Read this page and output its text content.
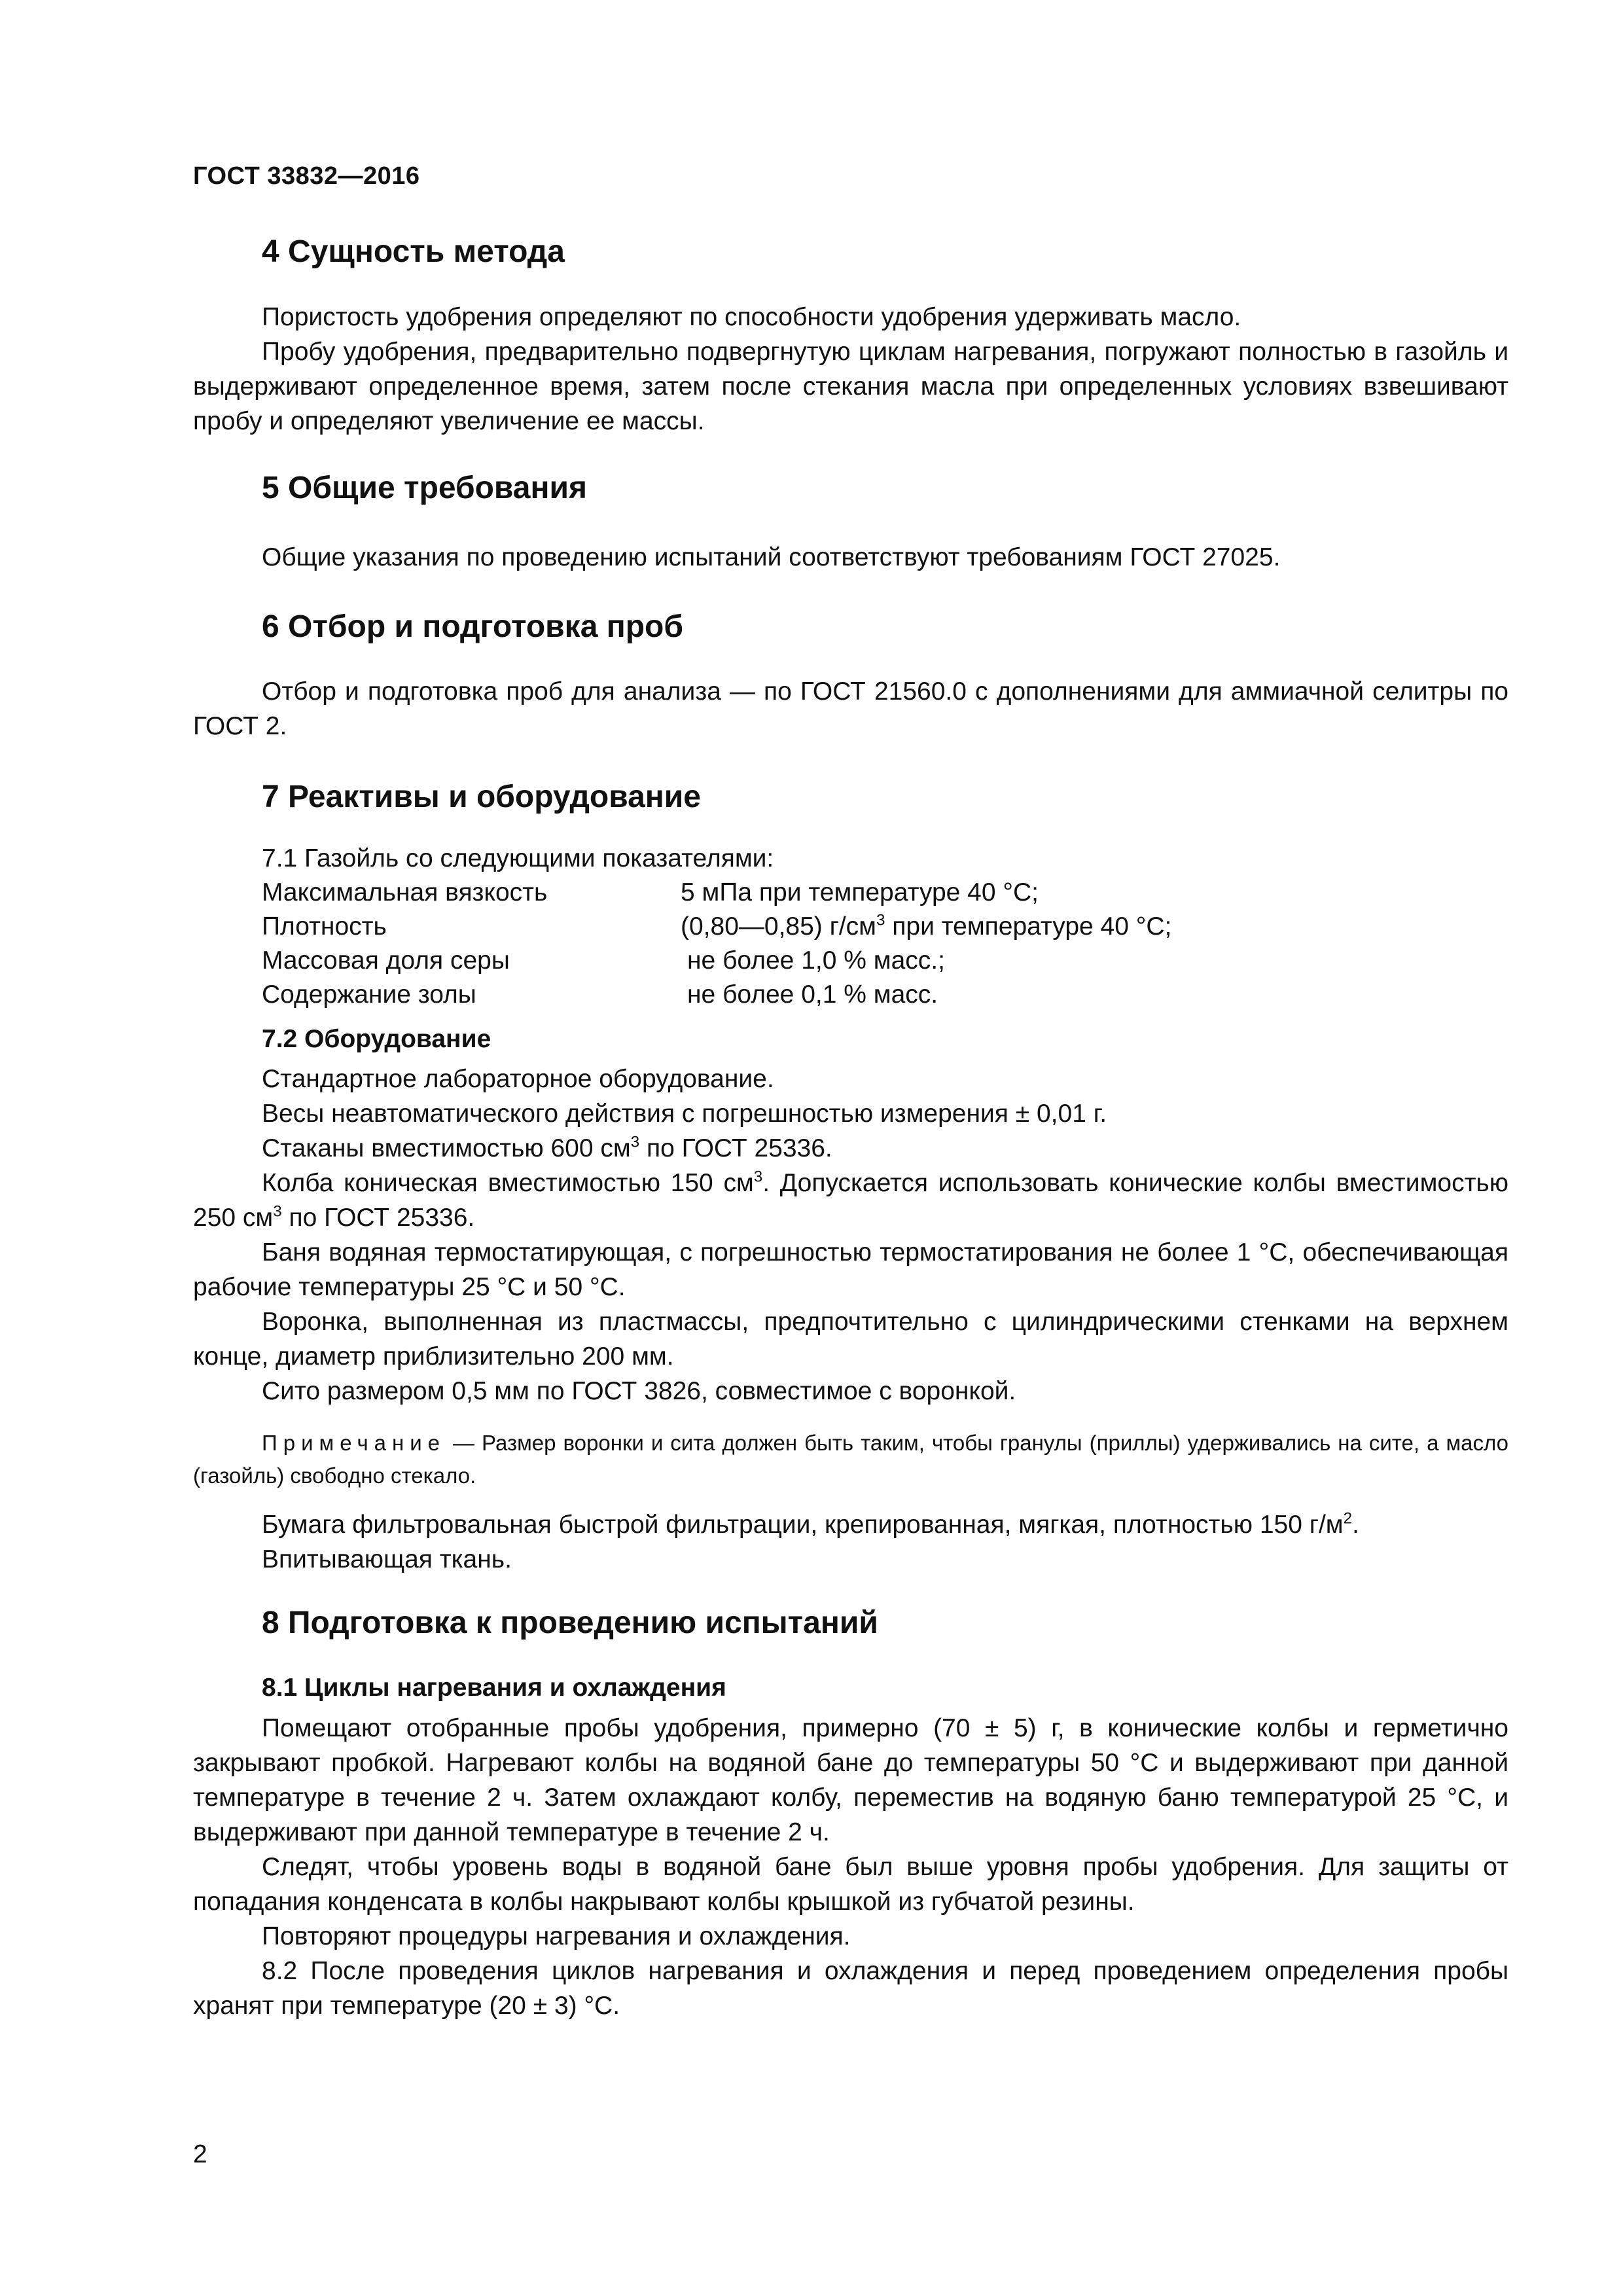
ГОСТ 33832—2016
4 Сущность метода

Пористость удобрения определяют по способности удобрения удерживать масло.

Пробу удобрения, предварительно подвергнутую циклам нагревания, погружают полностью в газойль и выдерживают определенное время, затем после стекания масла при определенных условиях взвешивают пробу и определяют увеличение ее массы.

5 Общие требования

Общие указания по проведению испытаний соответствуют требованиям ГОСТ 27025.

6 Отбор и подготовка проб

Отбор и подготовка проб для анализа — по ГОСТ 21560.0 с дополнениями для аммиачной селитры по ГОСТ 2.

7 Реактивы и оборудование
7.1 Газойль со следующими показателями:
Максимальная вязкость	5 мПа при температуре 40 °С;
Плотность	(0,80—0,85) $г/см^3$ при температуре 40 °С;
Массовая доля серы	не более 1,0 % масс.;
Содержание золы	не более 0,1 % масс.
7.2 Оборудование

Стандартное лабораторное оборудование.

Весы неавтоматического действия с погрешностью измерения ± 0,01 г.

Стаканы вместимостью 600 $см^3$ по ГОСТ 25336.

Колба коническая вместимостью 150 $см^3$. Допускается использовать конические колбы вместимостью 250 $см^3$ по ГОСТ 25336.

Баня водяная термостатирующая, с погрешностью термостатирования не более 1 °С, обеспечивающая рабочие температуры 25 °С и 50 °С.

Воронка, выполненная из пластмассы, предпочтительно с цилиндрическими стенками на верхнем конце, диаметр приблизительно 200 мм.

Сито размером 0,5 мм по ГОСТ 3826, совместимое с воронкой.

Примечание — Размер воронки и сита должен быть таким, чтобы гранулы (приллы) удерживались на сите, а масло (газойль) свободно стекало.

Бумага фильтровальная быстрой фильтрации, крепированная, мягкая, плотностью 150 $г/м^2$.

Впитывающая ткань.

8 Подготовка к проведению испытаний
8.1 Циклы нагревания и охлаждения

Помещают отобранные пробы удобрения, примерно (70 ± 5) г, в конические колбы и герметично закрывают пробкой. Нагревают колбы на водяной бане до температуры 50 °С и выдерживают при данной температуре в течение 2 ч. Затем охлаждают колбу, переместив на водяную баню температурой 25 °С, и выдерживают при данной температуре в течение 2 ч.

Следят, чтобы уровень воды в водяной бане был выше уровня пробы удобрения. Для защиты от попадания конденсата в колбы накрывают колбы крышкой из губчатой резины.

Повторяют процедуры нагревания и охлаждения.

8.2 После проведения циклов нагревания и охлаждения и перед проведением определения пробы хранят при температуре (20 ± 3) °С.

2
